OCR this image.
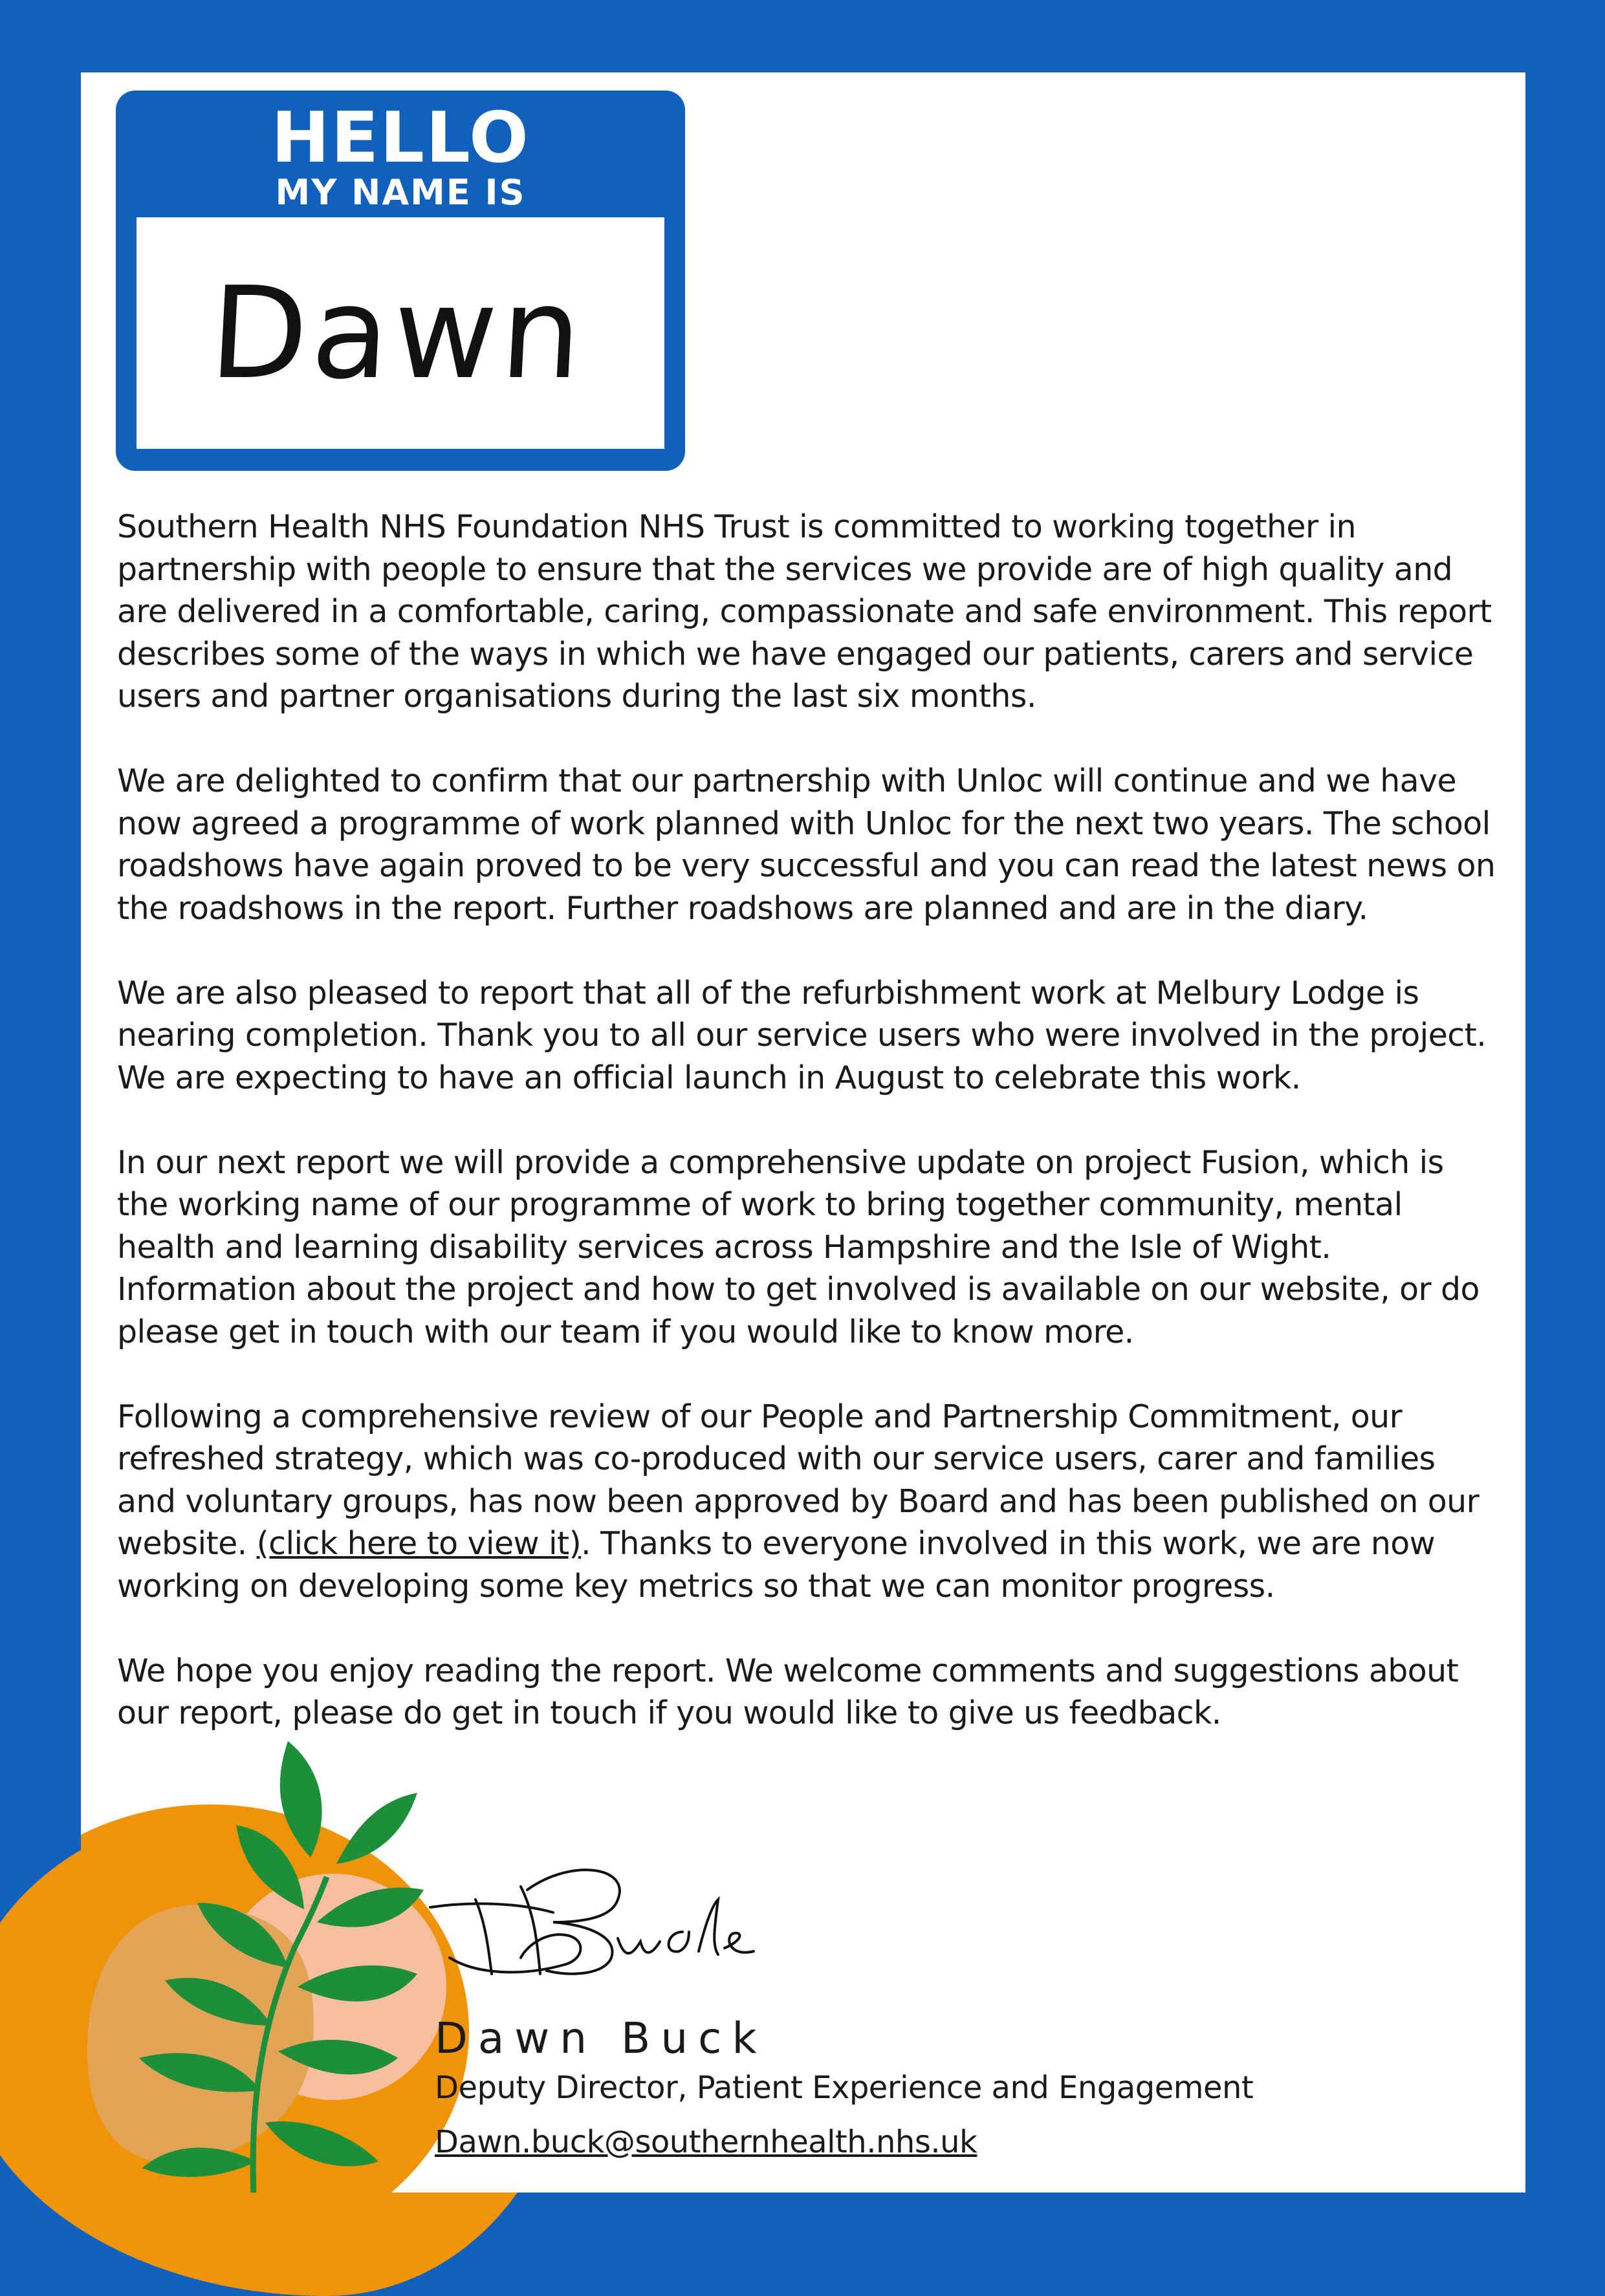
HELLO
MY NAME IS
Dawn

Southern Health NHS Foundation NHS Trust is committed to working together in partnership with people to ensure that the services we provide are of high quality and are delivered in a comfortable, caring, compassionate and safe environment. This report describes some of the ways in which we have engaged our patients, carers and service users and partner organisations during the last six months.

We are delighted to confirm that our partnership with Unloc will continue and we have now agreed a programme of work planned with Unloc for the next two years. The school roadshows have again proved to be very successful and you can read the latest news on the roadshows in the report. Further roadshows are planned and are in the diary.

We are also pleased to report that all of the refurbishment work at Melbury Lodge is nearing completion. Thank you to all our service users who were involved in the project. We are expecting to have an official launch in August to celebrate this work.

In our next report we will provide a comprehensive update on project Fusion, which is the working name of our programme of work to bring together community, mental health and learning disability services across Hampshire and the Isle of Wight. Information about the project and how to get involved is available on our website, or do please get in touch with our team if you would like to know more.

Following a comprehensive review of our People and Partnership Commitment, our refreshed strategy, which was co-produced with our service users, carer and families and voluntary groups, has now been approved by Board and has been published on our website. (click here to view it). Thanks to everyone involved in this work, we are now working on developing some key metrics so that we can monitor progress.

We hope you enjoy reading the report. We welcome comments and suggestions about our report, please do get in touch if you would like to give us feedback.

Dawn Buck
Deputy Director, Patient Experience and Engagement
Dawn.buck@southernhealth.nhs.uk
